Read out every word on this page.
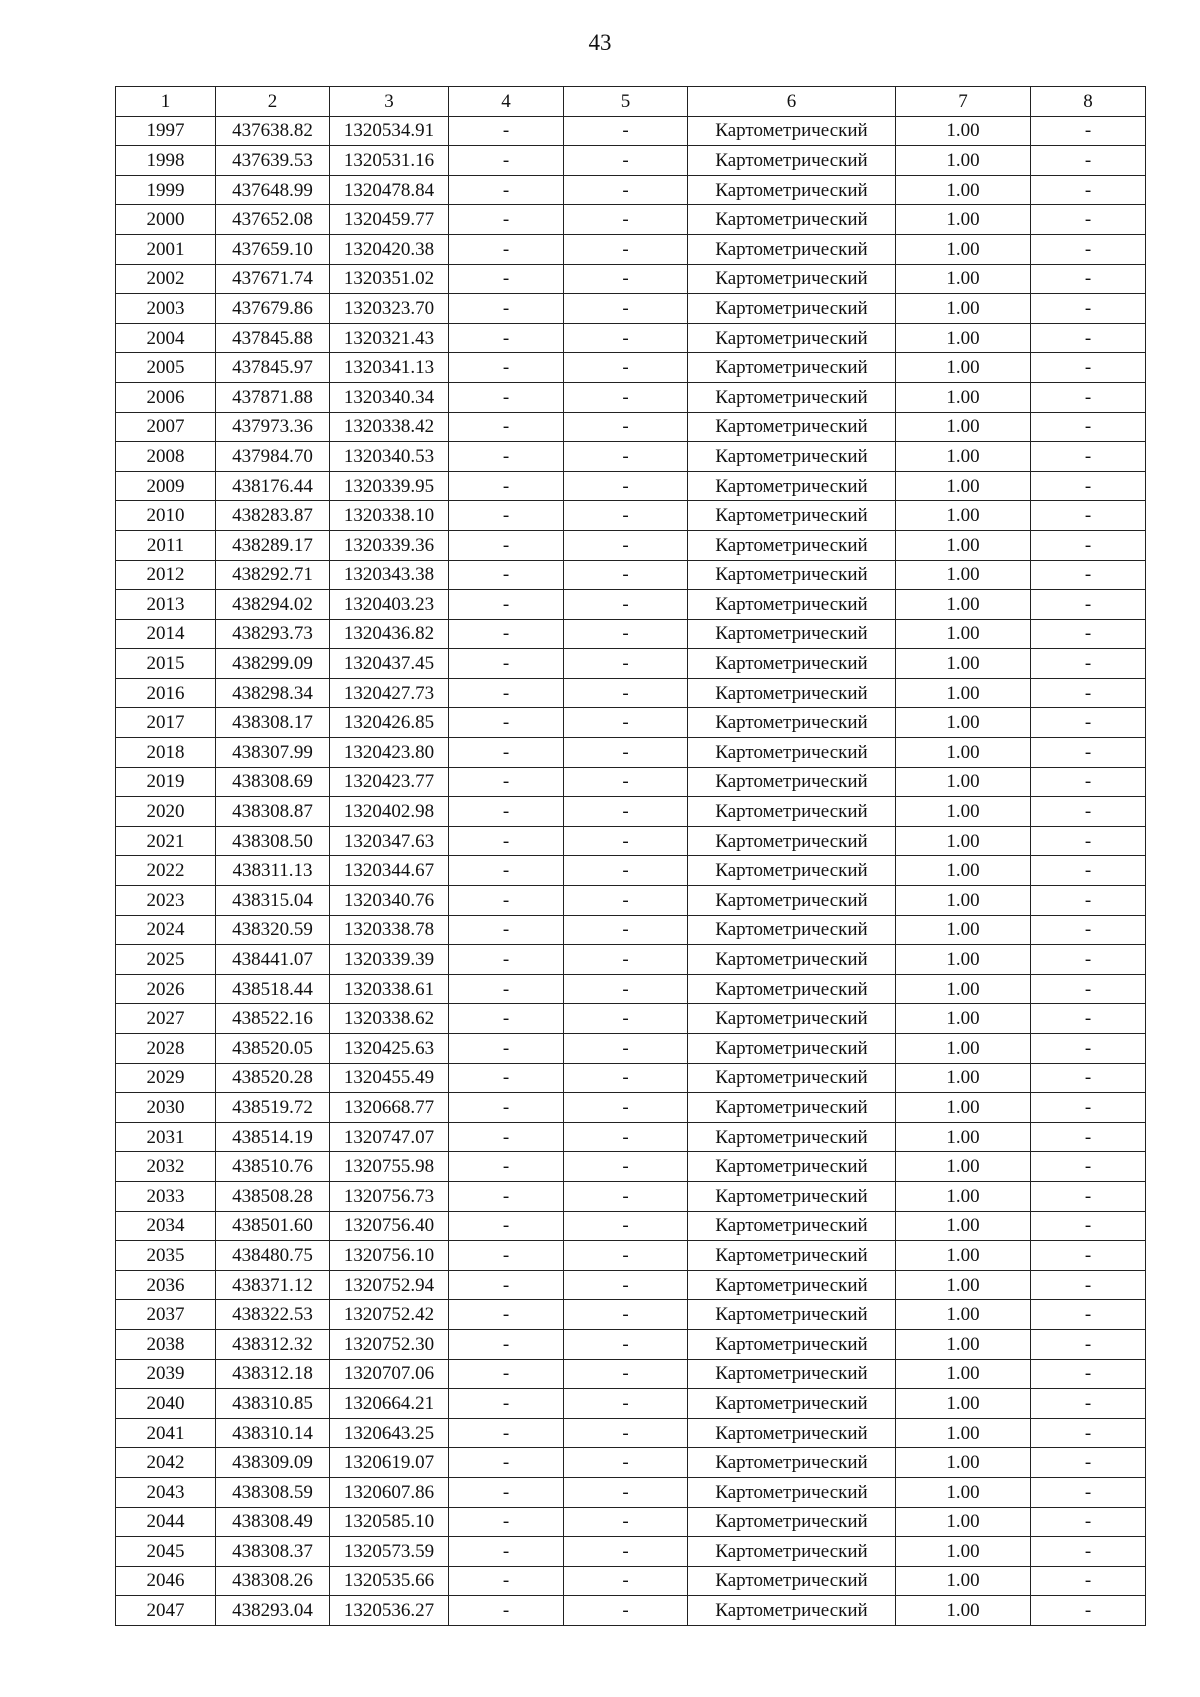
43
1	2	3	4	5	6	7	8
1997	437638.82	1320534.91	-	-	Картометрический	1.00	-
1998	437639.53	1320531.16	-	-	Картометрический	1.00	-
1999	437648.99	1320478.84	-	-	Картометрический	1.00	-
2000	437652.08	1320459.77	-	-	Картометрический	1.00	-
2001	437659.10	1320420.38	-	-	Картометрический	1.00	-
2002	437671.74	1320351.02	-	-	Картометрический	1.00	-
2003	437679.86	1320323.70	-	-	Картометрический	1.00	-
2004	437845.88	1320321.43	-	-	Картометрический	1.00	-
2005	437845.97	1320341.13	-	-	Картометрический	1.00	-
2006	437871.88	1320340.34	-	-	Картометрический	1.00	-
2007	437973.36	1320338.42	-	-	Картометрический	1.00	-
2008	437984.70	1320340.53	-	-	Картометрический	1.00	-
2009	438176.44	1320339.95	-	-	Картометрический	1.00	-
2010	438283.87	1320338.10	-	-	Картометрический	1.00	-
2011	438289.17	1320339.36	-	-	Картометрический	1.00	-
2012	438292.71	1320343.38	-	-	Картометрический	1.00	-
2013	438294.02	1320403.23	-	-	Картометрический	1.00	-
2014	438293.73	1320436.82	-	-	Картометрический	1.00	-
2015	438299.09	1320437.45	-	-	Картометрический	1.00	-
2016	438298.34	1320427.73	-	-	Картометрический	1.00	-
2017	438308.17	1320426.85	-	-	Картометрический	1.00	-
2018	438307.99	1320423.80	-	-	Картометрический	1.00	-
2019	438308.69	1320423.77	-	-	Картометрический	1.00	-
2020	438308.87	1320402.98	-	-	Картометрический	1.00	-
2021	438308.50	1320347.63	-	-	Картометрический	1.00	-
2022	438311.13	1320344.67	-	-	Картометрический	1.00	-
2023	438315.04	1320340.76	-	-	Картометрический	1.00	-
2024	438320.59	1320338.78	-	-	Картометрический	1.00	-
2025	438441.07	1320339.39	-	-	Картометрический	1.00	-
2026	438518.44	1320338.61	-	-	Картометрический	1.00	-
2027	438522.16	1320338.62	-	-	Картометрический	1.00	-
2028	438520.05	1320425.63	-	-	Картометрический	1.00	-
2029	438520.28	1320455.49	-	-	Картометрический	1.00	-
2030	438519.72	1320668.77	-	-	Картометрический	1.00	-
2031	438514.19	1320747.07	-	-	Картометрический	1.00	-
2032	438510.76	1320755.98	-	-	Картометрический	1.00	-
2033	438508.28	1320756.73	-	-	Картометрический	1.00	-
2034	438501.60	1320756.40	-	-	Картометрический	1.00	-
2035	438480.75	1320756.10	-	-	Картометрический	1.00	-
2036	438371.12	1320752.94	-	-	Картометрический	1.00	-
2037	438322.53	1320752.42	-	-	Картометрический	1.00	-
2038	438312.32	1320752.30	-	-	Картометрический	1.00	-
2039	438312.18	1320707.06	-	-	Картометрический	1.00	-
2040	438310.85	1320664.21	-	-	Картометрический	1.00	-
2041	438310.14	1320643.25	-	-	Картометрический	1.00	-
2042	438309.09	1320619.07	-	-	Картометрический	1.00	-
2043	438308.59	1320607.86	-	-	Картометрический	1.00	-
2044	438308.49	1320585.10	-	-	Картометрический	1.00	-
2045	438308.37	1320573.59	-	-	Картометрический	1.00	-
2046	438308.26	1320535.66	-	-	Картометрический	1.00	-
2047	438293.04	1320536.27	-	-	Картометрический	1.00	-
